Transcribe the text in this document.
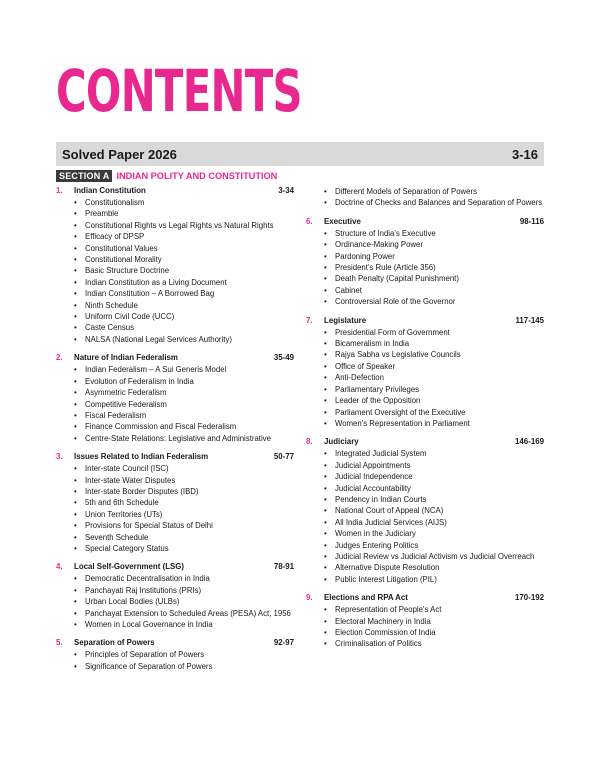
CONTENTS
Solved Paper 2026	3-16
SECTION A INDIAN POLITY AND CONSTITUTION
1.	Indian Constitution	3-34
• Constitutionalism
• Preamble
• Constitutional Rights vs Legal Rights vs Natural Rights
• Efficacy of DPSP
• Constitutional Values
• Constitutional Morality
• Basic Structure Doctrine
• Indian Constitution as a Living Document
• Indian Constitution – A Borrowed Bag
• Ninth Schedule
• Uniform Civil Code (UCC)
• Caste Census
• NALSA (National Legal Services Authority)
2.	Nature of Indian Federalism	35-49
• Indian Federalism – A Sui Generis Model
• Evolution of Federalism in India
• Asymmetric Federalism
• Competitive Federalism
• Fiscal Federalism
• Finance Commission and Fiscal Federalism
• Centre-State Relations: Legislative and Administrative
3.	Issues Related to Indian Federalism	50-77
• Inter-state Council (ISC)
• Inter-state Water Disputes
• Inter-state Border Disputes (IBD)
• 5th and 6th Schedule
• Union Territories (UTs)
• Provisions for Special Status of Delhi
• Seventh Schedule
• Special Category Status
4.	Local Self-Government (LSG)	78-91
• Democratic Decentralisation in India
• Panchayati Raj Institutions (PRIs)
• Urban Local Bodies (ULBs)
• Panchayat Extension to Scheduled Areas (PESA) Act, 1956
• Women in Local Governance in India
5.	Separation of Powers	92-97
• Principles of Separation of Powers
• Significance of Separation of Powers
• Different Models of Separation of Powers
• Doctrine of Checks and Balances and Separation of Powers
6.	Executive	98-116
• Structure of India's Executive
• Ordinance-Making Power
• Pardoning Power
• President's Rule (Article 356)
• Death Penalty (Capital Punishment)
• Cabinet
• Controversial Role of the Governor
7.	Legislature	117-145
• Presidential Form of Government
• Bicameralism in India
• Rajya Sabha vs Legislative Councils
• Office of Speaker
• Anti-Defection
• Parliamentary Privileges
• Leader of the Opposition
• Parliament Oversight of the Executive
• Women's Representation in Parliament
8.	Judiciary	146-169
• Integrated Judicial System
• Judicial Appointments
• Judicial Independence
• Judicial Accountability
• Pendency in Indian Courts
• National Court of Appeal (NCA)
• All India Judicial Services (AIJS)
• Women in the Judiciary
• Judges Entering Politics
• Judicial Review vs Judicial Activism vs Judicial Overreach
• Alternative Dispute Resolution
• Public Interest Litigation (PIL)
9.	Elections and RPA Act	170-192
• Representation of People's Act
• Electoral Machinery in India
• Election Commission of India
• Criminalisation of Politics
